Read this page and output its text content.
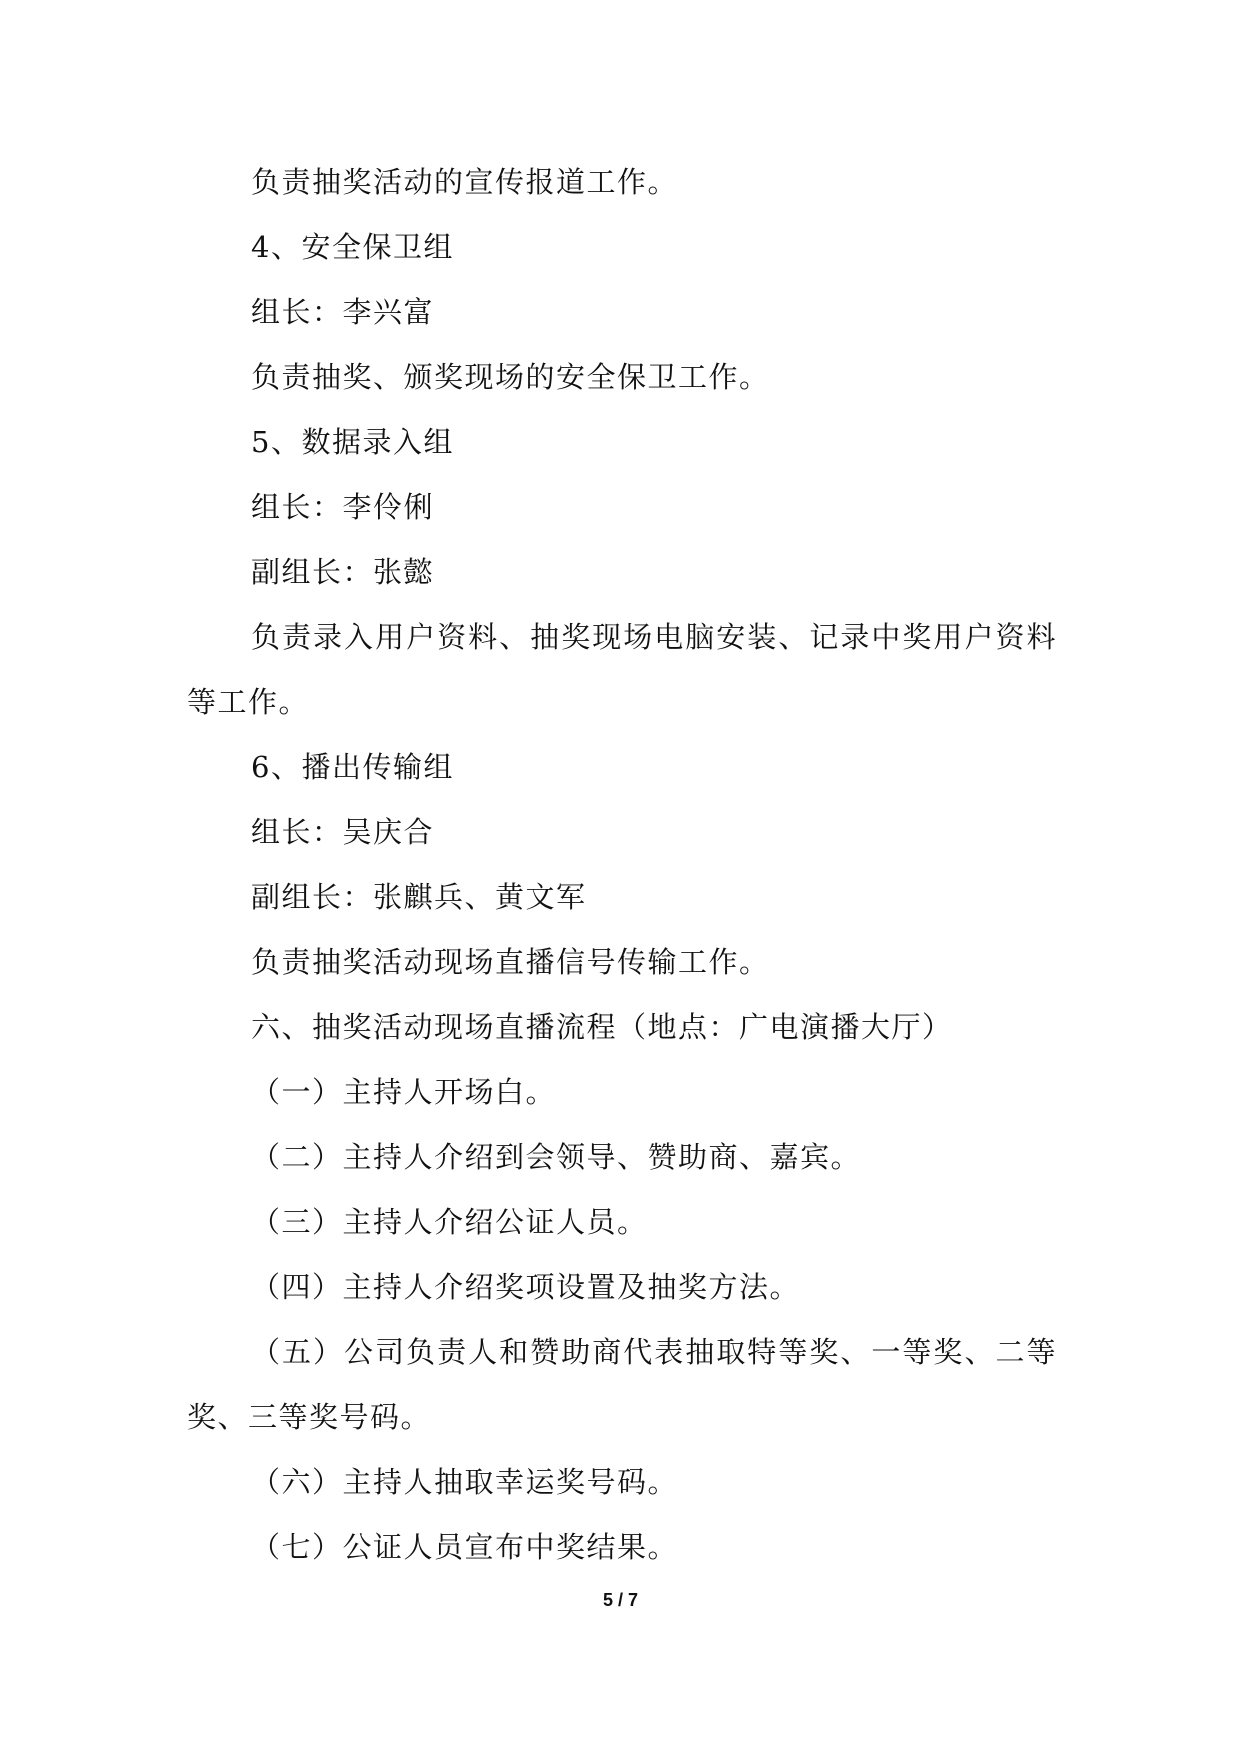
负责抽奖活动的宣传报道工作。

4、安全保卫组

组长：李兴富

负责抽奖、颁奖现场的安全保卫工作。

5、数据录入组

组长：李伶俐

副组长：张懿

负责录入用户资料、抽奖现场电脑安装、记录中奖用户资料等工作。

6、播出传输组

组长：吴庆合

副组长：张麒兵、黄文军

负责抽奖活动现场直播信号传输工作。

六、抽奖活动现场直播流程（地点：广电演播大厅）

（一）主持人开场白。

（二）主持人介绍到会领导、赞助商、嘉宾。

（三）主持人介绍公证人员。

（四）主持人介绍奖项设置及抽奖方法。

（五）公司负责人和赞助商代表抽取特等奖、一等奖、二等奖、三等奖号码。

（六）主持人抽取幸运奖号码。

（七）公证人员宣布中奖结果。

5 / 7
